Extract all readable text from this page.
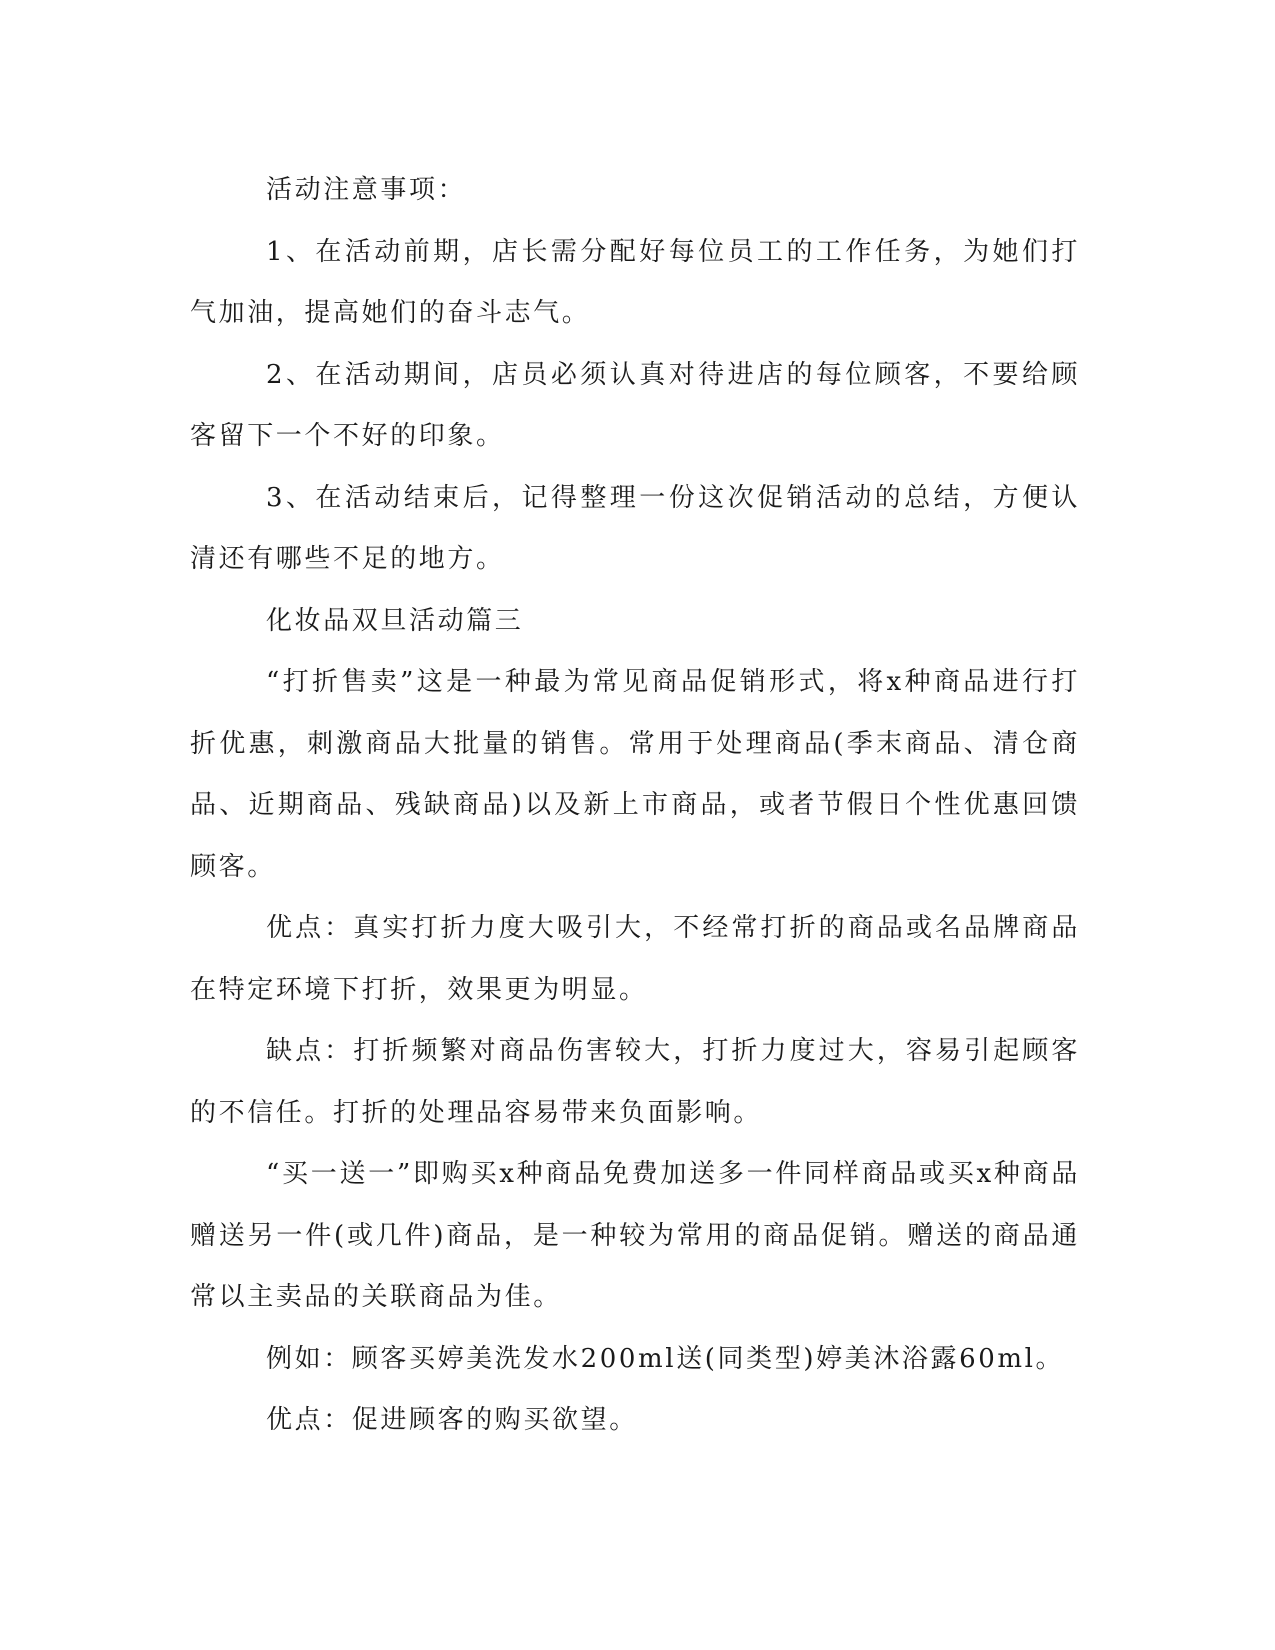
活动注意事项：

1、在活动前期，店长需分配好每位员工的工作任务，为她们打气加油，提高她们的奋斗志气。

2、在活动期间，店员必须认真对待进店的每位顾客，不要给顾客留下一个不好的印象。

3、在活动结束后，记得整理一份这次促销活动的总结，方便认清还有哪些不足的地方。

化妆品双旦活动篇三

“打折售卖”这是一种最为常见商品促销形式，将x种商品进行打折优惠，刺激商品大批量的销售。常用于处理商品(季末商品、清仓商品、近期商品、残缺商品)以及新上市商品，或者节假日个性优惠回馈顾客。

优点：真实打折力度大吸引大，不经常打折的商品或名品牌商品在特定环境下打折，效果更为明显。

缺点：打折频繁对商品伤害较大，打折力度过大，容易引起顾客的不信任。打折的处理品容易带来负面影响。

“买一送一”即购买x种商品免费加送多一件同样商品或买x种商品赠送另一件(或几件)商品，是一种较为常用的商品促销。赠送的商品通常以主卖品的关联商品为佳。

例如：顾客买婷美洗发水200ml送(同类型)婷美沐浴露60ml。

优点：促进顾客的购买欲望。
